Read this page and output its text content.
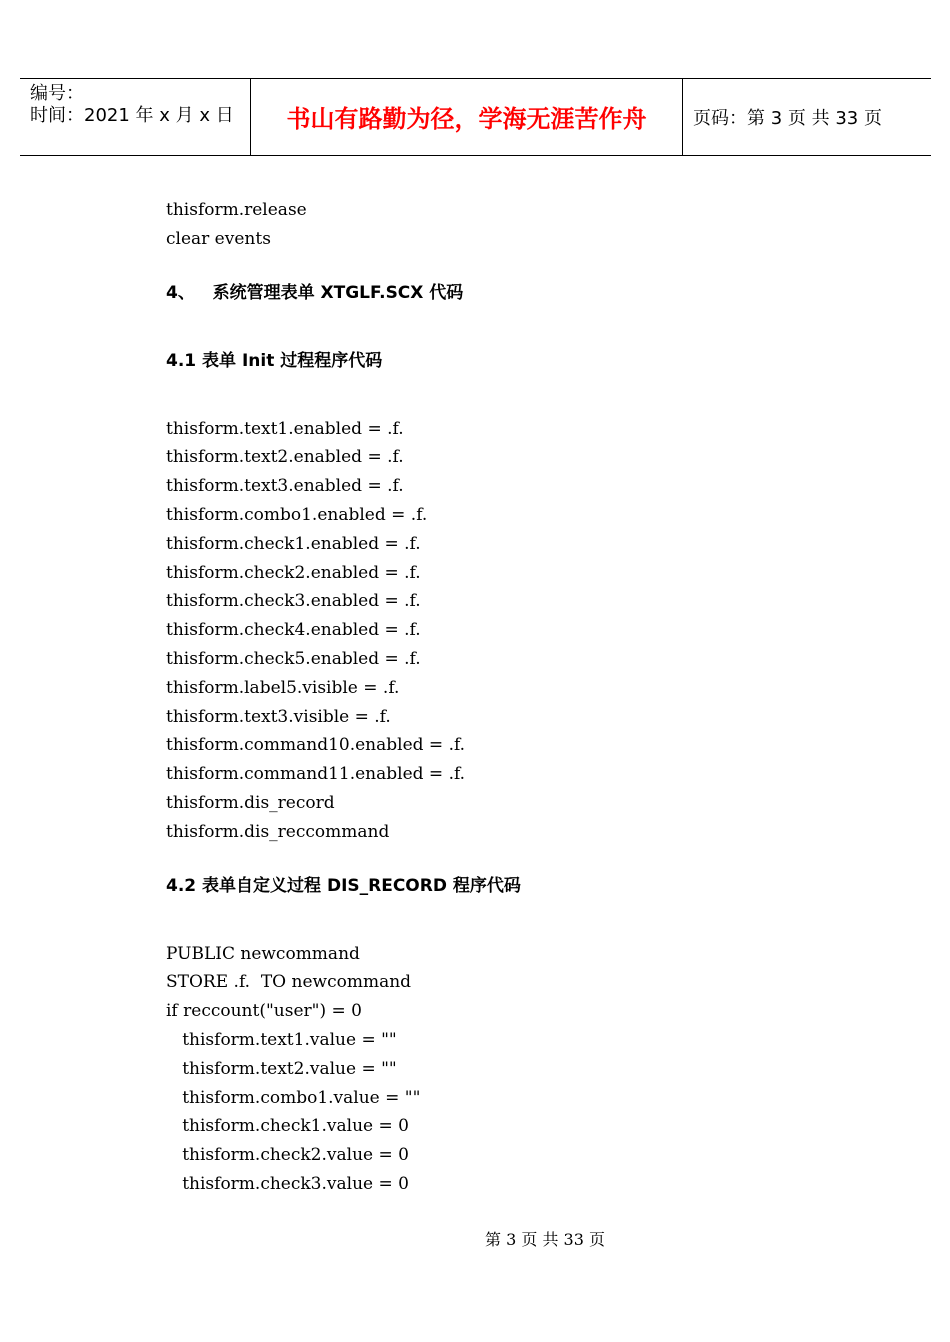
编号：
时间：2021 年 x 月 x 日	书山有路勤为径，学海无涯苦作舟	页码：第 3 页 共 33 页
thisform.release
clear events
4、   系统管理表单 XTGLF.SCX 代码
4.1 表单 Init 过程程序代码
thisform.text1.enabled = .f.
thisform.text2.enabled = .f.
thisform.text3.enabled = .f.
thisform.combo1.enabled = .f.
thisform.check1.enabled = .f.
thisform.check2.enabled = .f.
thisform.check3.enabled = .f.
thisform.check4.enabled = .f.
thisform.check5.enabled = .f.
thisform.label5.visible = .f.
thisform.text3.visible = .f.
thisform.command10.enabled = .f.
thisform.command11.enabled = .f.
thisform.dis_record
thisform.dis_reccommand
4.2 表单自定义过程 DIS_RECORD 程序代码
PUBLIC newcommand
STORE .f.  TO newcommand
if reccount("user") = 0
thisform.text1.value = ""
thisform.text2.value = ""
thisform.combo1.value = ""
thisform.check1.value = 0
thisform.check2.value = 0
thisform.check3.value = 0
第 3 页 共 33 页
